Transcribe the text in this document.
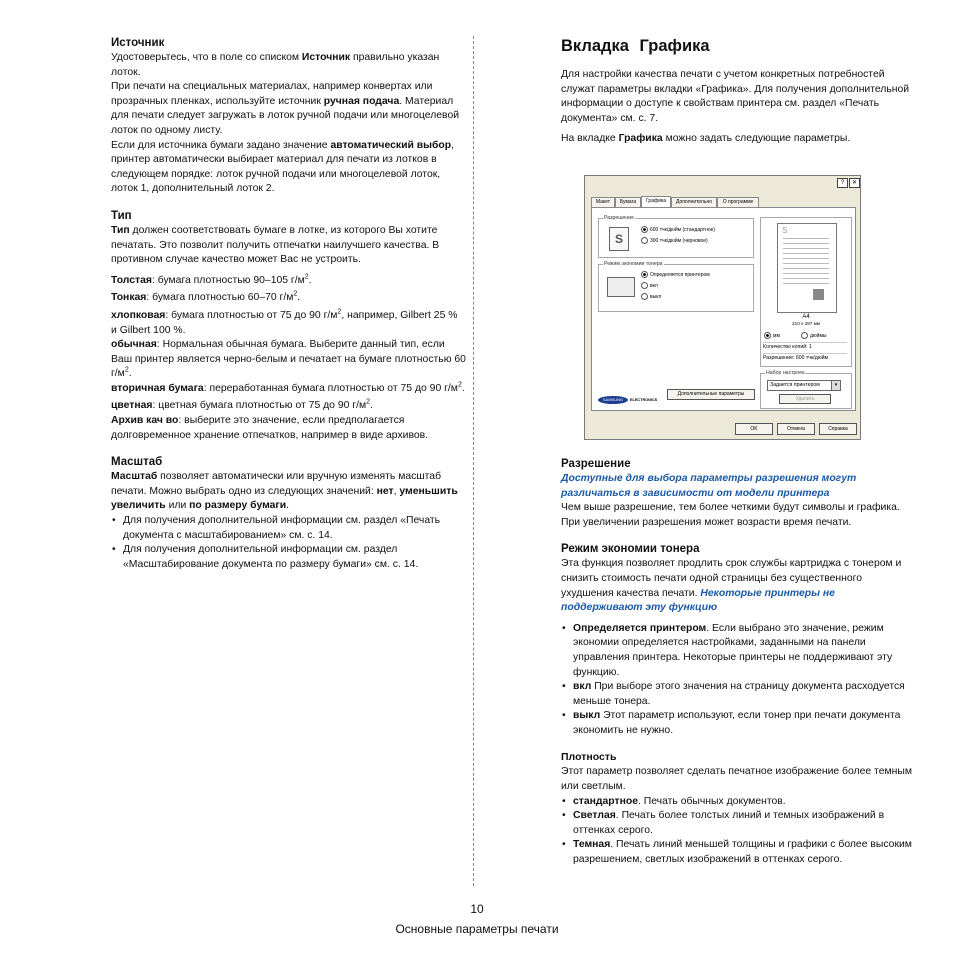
Источник

Удостоверьтесь, что в поле со списком Источник правильно указан лоток.

При печати на специальных материалах, например конвертах или прозрачных пленках, используйте источник ручная подача. Материал для печати следует загружать в лоток ручной подачи или многоцелевой лоток по одному листу.

Если для источника бумаги задано значение автоматический выбор, принтер автоматически выбирает материал для печати из лотков в следующем порядке: лоток ручной подачи или многоцелевой лоток, лоток 1, дополнительный лоток 2.

Тип

Тип должен соответствовать бумаге в лотке, из которого Вы хотите печатать. Это позволит получить отпечатки наилучшего качества. В противном случае качество может Вас не устроить.

Толстая: бумага плотностью 90–105 $г/м^2$.

Тонкая: бумага плотностью 60–70 $г/м^2$.

хлопковая: бумага плотностью от 75 до 90 $г/м^2$, например, Gilbert 25 % и Gilbert 100 %.

обычная: Нормальная обычная бумага. Выберите данный тип, если Ваш принтер является черно-белым и печатает на бумаге плотностью 60 $г/м^2$.

вторичная бумага: переработанная бумага плотностью от 75 до 90 $г/м^2$.

цветная: цветная бумага плотностью от 75 до 90 $г/м^2$.

Архив кач во: выберите это значение, если предполагается долговременное хранение отпечатков, например в виде архивов.

Масштаб

Масштаб позволяет автоматически или вручную изменять масштаб печати. Можно выбрать одно из следующих значений: нет, уменьшить увеличить или по размеру бумаги.

• Для получения дополнительной информации см. раздел «Печать документа с масштабированием» см. с. 14.
• Для получения дополнительной информации см. раздел «Масштабирование документа по размеру бумаги» см. с. 14.
Вкладка Графика

Для настройки качества печати с учетом конкретных потребностей служат параметры вкладки «Графика». Для получения дополнительной информации о доступе к свойствам принтера см. раздел «Печать документа» см. с. 7.

На вкладке Графика можно задать следующие параметры.

Разрешение

Доступные для выбора параметры разрешения могут различаться в зависимости от модели принтера

Чем выше разрешение, тем более четкими будут символы и графика. При увеличении разрешения может возрасти время печати.

Режим экономии тонера

Эта функция позволяет продлить срок службы картриджа с тонером и снизить стоимость печати одной страницы без существенного ухудшения качества печати. Некоторые принтеры не поддерживают эту функцию

• Определяется принтером. Если выбрано это значение, режим экономии определяется настройками, заданными на панели управления принтера. Некоторые принтеры не поддерживают эту функцию.
• вкл При выборе этого значения на страницу документа расходуется меньше тонера.
• выкл Этот параметр используют, если тонер при печати документа экономить не нужно.
Плотность

Этот параметр позволяет сделать печатное изображение более темным или светлым.

• стандартное. Печать обычных документов.
• Светлая. Печать более толстых линий и темных изображений в оттенках серого.
• Темная. Печать линий меньшей толщины и графики с более высоким разрешением, светлых изображений в оттенках серого.
?	✕
Макет	Бумага	Графика	Дополнительно	О программе
Разрешение
S
600 тчк/дюйм (стандартное)
300 тчк/дюйм (черновое)
Режим экономии тонера
Определяется принтером
вкл
выкл
S
A4
210 x 297 мм
мм	дюймы
Количество копий: 1
Разрешение: 600 тчк/дюйм
Набор настроек
Задается принтером	▾
Удалить
Дополнительные параметры
SAMSUNG	ELECTRONICS
OK	Отмена	Справка
10
Основные параметры печати
